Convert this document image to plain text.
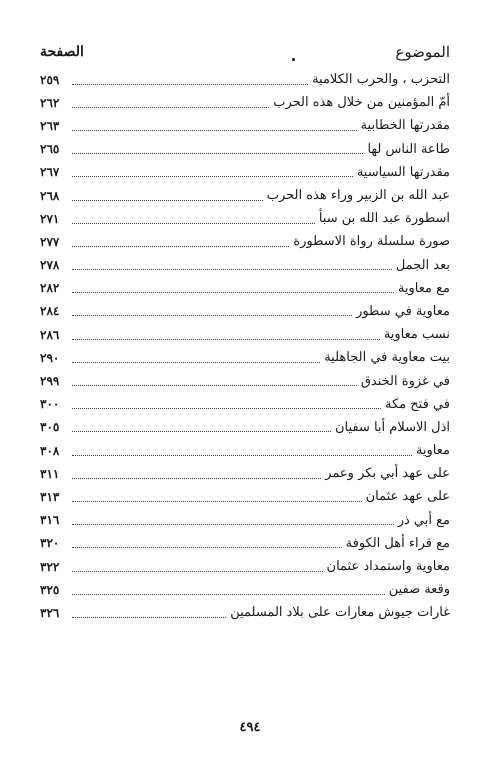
الموضوع
الصفحة
التحزب ، والحرب الكلامية
٢٥٩
أمّ المؤمنين من خلال هذه الحرب
٢٦٢
مقدرتها الخطابية
٢٦٣
طاعة الناس لها
٢٦٥
مقدرتها السياسية
٢٦٧
عبد الله بن الزبير وراء هذه الحرب
٢٦٨
اسطورة عبد الله بن سبأ
٢٧١
صورة سلسلة رواة الاسطورة
٢٧٧
بعد الجمل
٢٧٨
مع معاوية
٢٨٢
معاوية في سطور
٢٨٤
نسب معاوية
٢٨٦
بيت معاوية في الجاهلية
٢٩٠
في غزوة الخندق
٢٩٩
في فتح مكة
٣٠٠
اذل الاسلام أبا سفيان
٣٠٥
معاوية
٣٠٨
على عهد أبي بكر وعمر
٣١١
على عهد عثمان
٣١٣
مع أبي ذر
٣١٦
مع قراء أهل الكوفة
٣٢٠
معاوية واستمداد عثمان
٣٢٢
وقعة صفين
٣٢٥
غارات جيوش معارات على بلاد المسلمين
٣٢٦
٤٩٤
